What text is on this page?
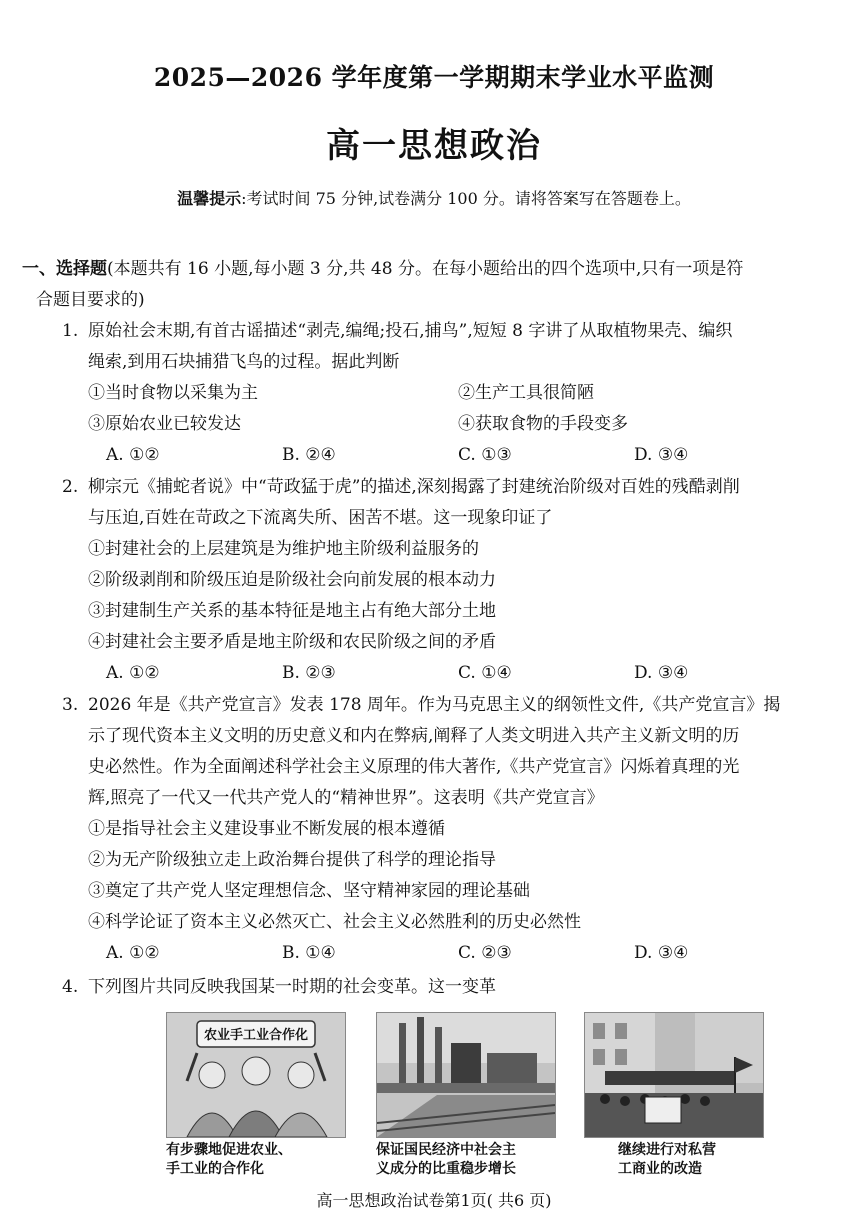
2025—2026 学年度第一学期期末学业水平监测
高一思想政治
温馨提示:考试时间 75 分钟,试卷满分 100 分。请将答案写在答题卷上。
一、选择题(本题共有 16 小题,每小题 3 分,共 48 分。在每小题给出的四个选项中,只有一项是符
合题目要求的)
1. 原始社会末期,有首古谣描述“剥壳,编绳;投石,捕鸟”,短短 8 字讲了从取植物果壳、编织
绳索,到用石块捕猎飞鸟的过程。据此判断
①当时食物以采集为主	②生产工具很简陋
③原始农业已较发达	④获取食物的手段变多
A. ①②	B. ②④	C. ①③	D. ③④
2. 柳宗元《捕蛇者说》中“苛政猛于虎”的描述,深刻揭露了封建统治阶级对百姓的残酷剥削
与压迫,百姓在苛政之下流离失所、困苦不堪。这一现象印证了
①封建社会的上层建筑是为维护地主阶级利益服务的
②阶级剥削和阶级压迫是阶级社会向前发展的根本动力
③封建制生产关系的基本特征是地主占有绝大部分土地
④封建社会主要矛盾是地主阶级和农民阶级之间的矛盾
A. ①②	B. ②③	C. ①④	D. ③④
3. 2026 年是《共产党宣言》发表 178 周年。作为马克思主义的纲领性文件,《共产党宣言》揭
示了现代资本主义文明的历史意义和内在弊病,阐释了人类文明进入共产主义新文明的历
史必然性。作为全面阐述科学社会主义原理的伟大著作,《共产党宣言》闪烁着真理的光
辉,照亮了一代又一代共产党人的“精神世界”。这表明《共产党宣言》
①是指导社会主义建设事业不断发展的根本遵循
②为无产阶级独立走上政治舞台提供了科学的理论指导
③奠定了共产党人坚定理想信念、坚守精神家园的理论基础
④科学论证了资本主义必然灭亡、社会主义必然胜利的历史必然性
A. ①②	B. ①④	C. ②③	D. ③④
4. 下列图片共同反映我国某一时期的社会变革。这一变革
农业手工业合作化
有步骤地促进农业、
手工业的合作化
保证国民经济中社会主
义成分的比重稳步增长
继续进行对私营
工商业的改造
高一思想政治试卷第1页( 共6 页)
